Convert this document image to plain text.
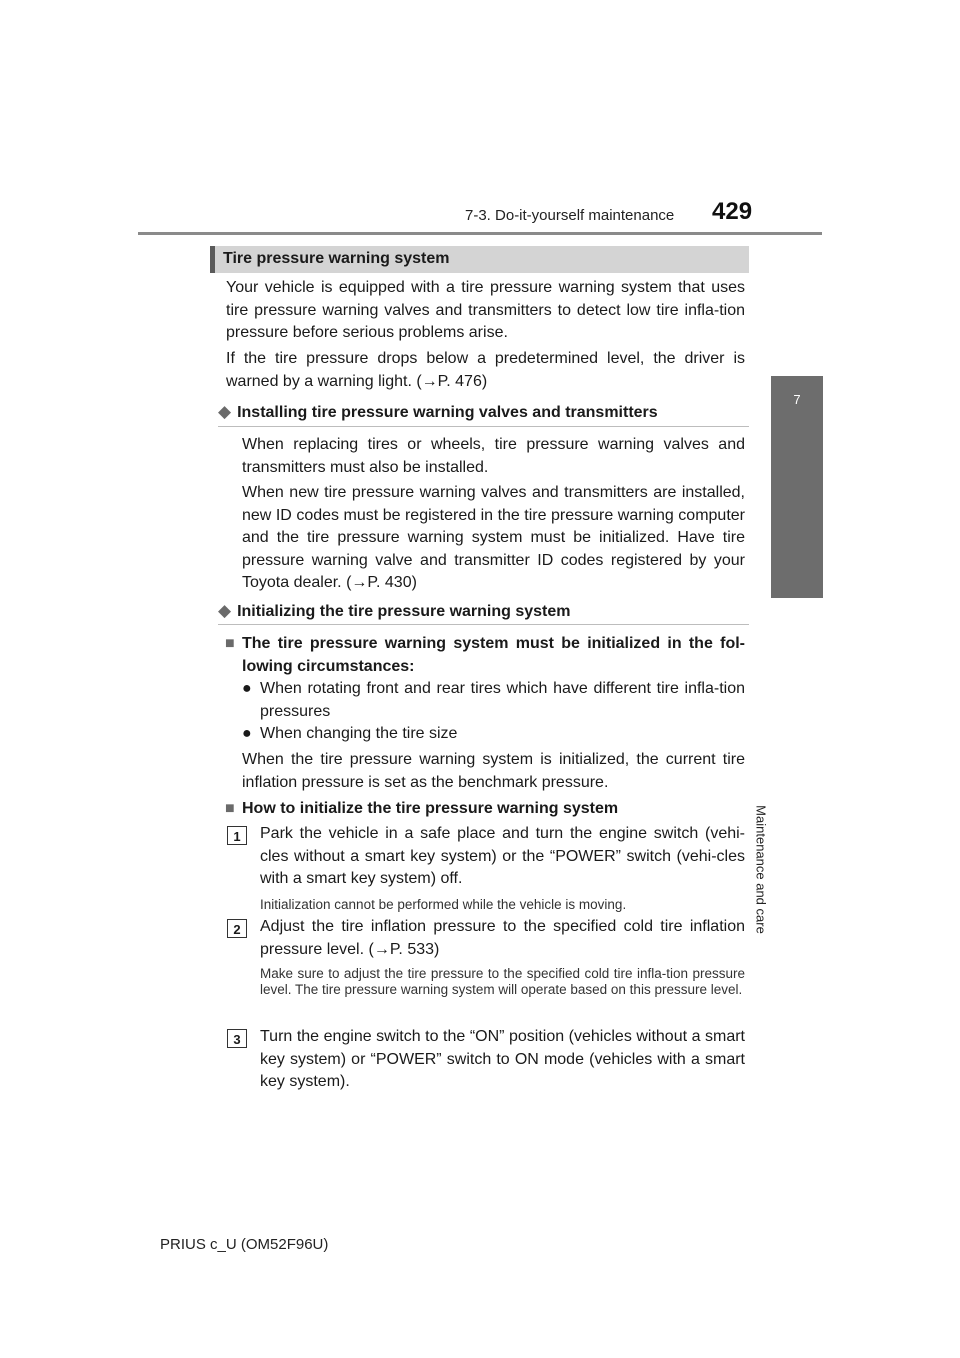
7-3. Do-it-yourself maintenance 429
7
Maintenance and care
Tire pressure warning system
Your vehicle is equipped with a tire pressure warning system that uses tire pressure warning valves and transmitters to detect low tire infla-tion pressure before serious problems arise.
If the tire pressure drops below a predetermined level, the driver is warned by a warning light. (→P. 476)
◆ Installing tire pressure warning valves and transmitters
When replacing tires or wheels, tire pressure warning valves and transmitters must also be installed.
When new tire pressure warning valves and transmitters are installed, new ID codes must be registered in the tire pressure warning computer and the tire pressure warning system must be initialized. Have tire pressure warning valve and transmitter ID codes registered by your Toyota dealer. (→P. 430)
◆ Initializing the tire pressure warning system
■ The tire pressure warning system must be initialized in the fol-lowing circumstances:
● When rotating front and rear tires which have different tire infla-tion pressures
● When changing the tire size
When the tire pressure warning system is initialized, the current tire inflation pressure is set as the benchmark pressure.
■ How to initialize the tire pressure warning system
1	Park the vehicle in a safe place and turn the engine switch (vehi-cles without a smart key system) or the “POWER” switch (vehi-cles with a smart key system) off.
Initialization cannot be performed while the vehicle is moving.
2	Adjust the tire inflation pressure to the specified cold tire inflation pressure level. (→P. 533)
Make sure to adjust the tire pressure to the specified cold tire infla-tion pressure level. The tire pressure warning system will operate based on this pressure level.
3	Turn the engine switch to the “ON” position (vehicles without a smart key system) or “POWER” switch to ON mode (vehicles with a smart key system).
PRIUS c_U (OM52F96U)
